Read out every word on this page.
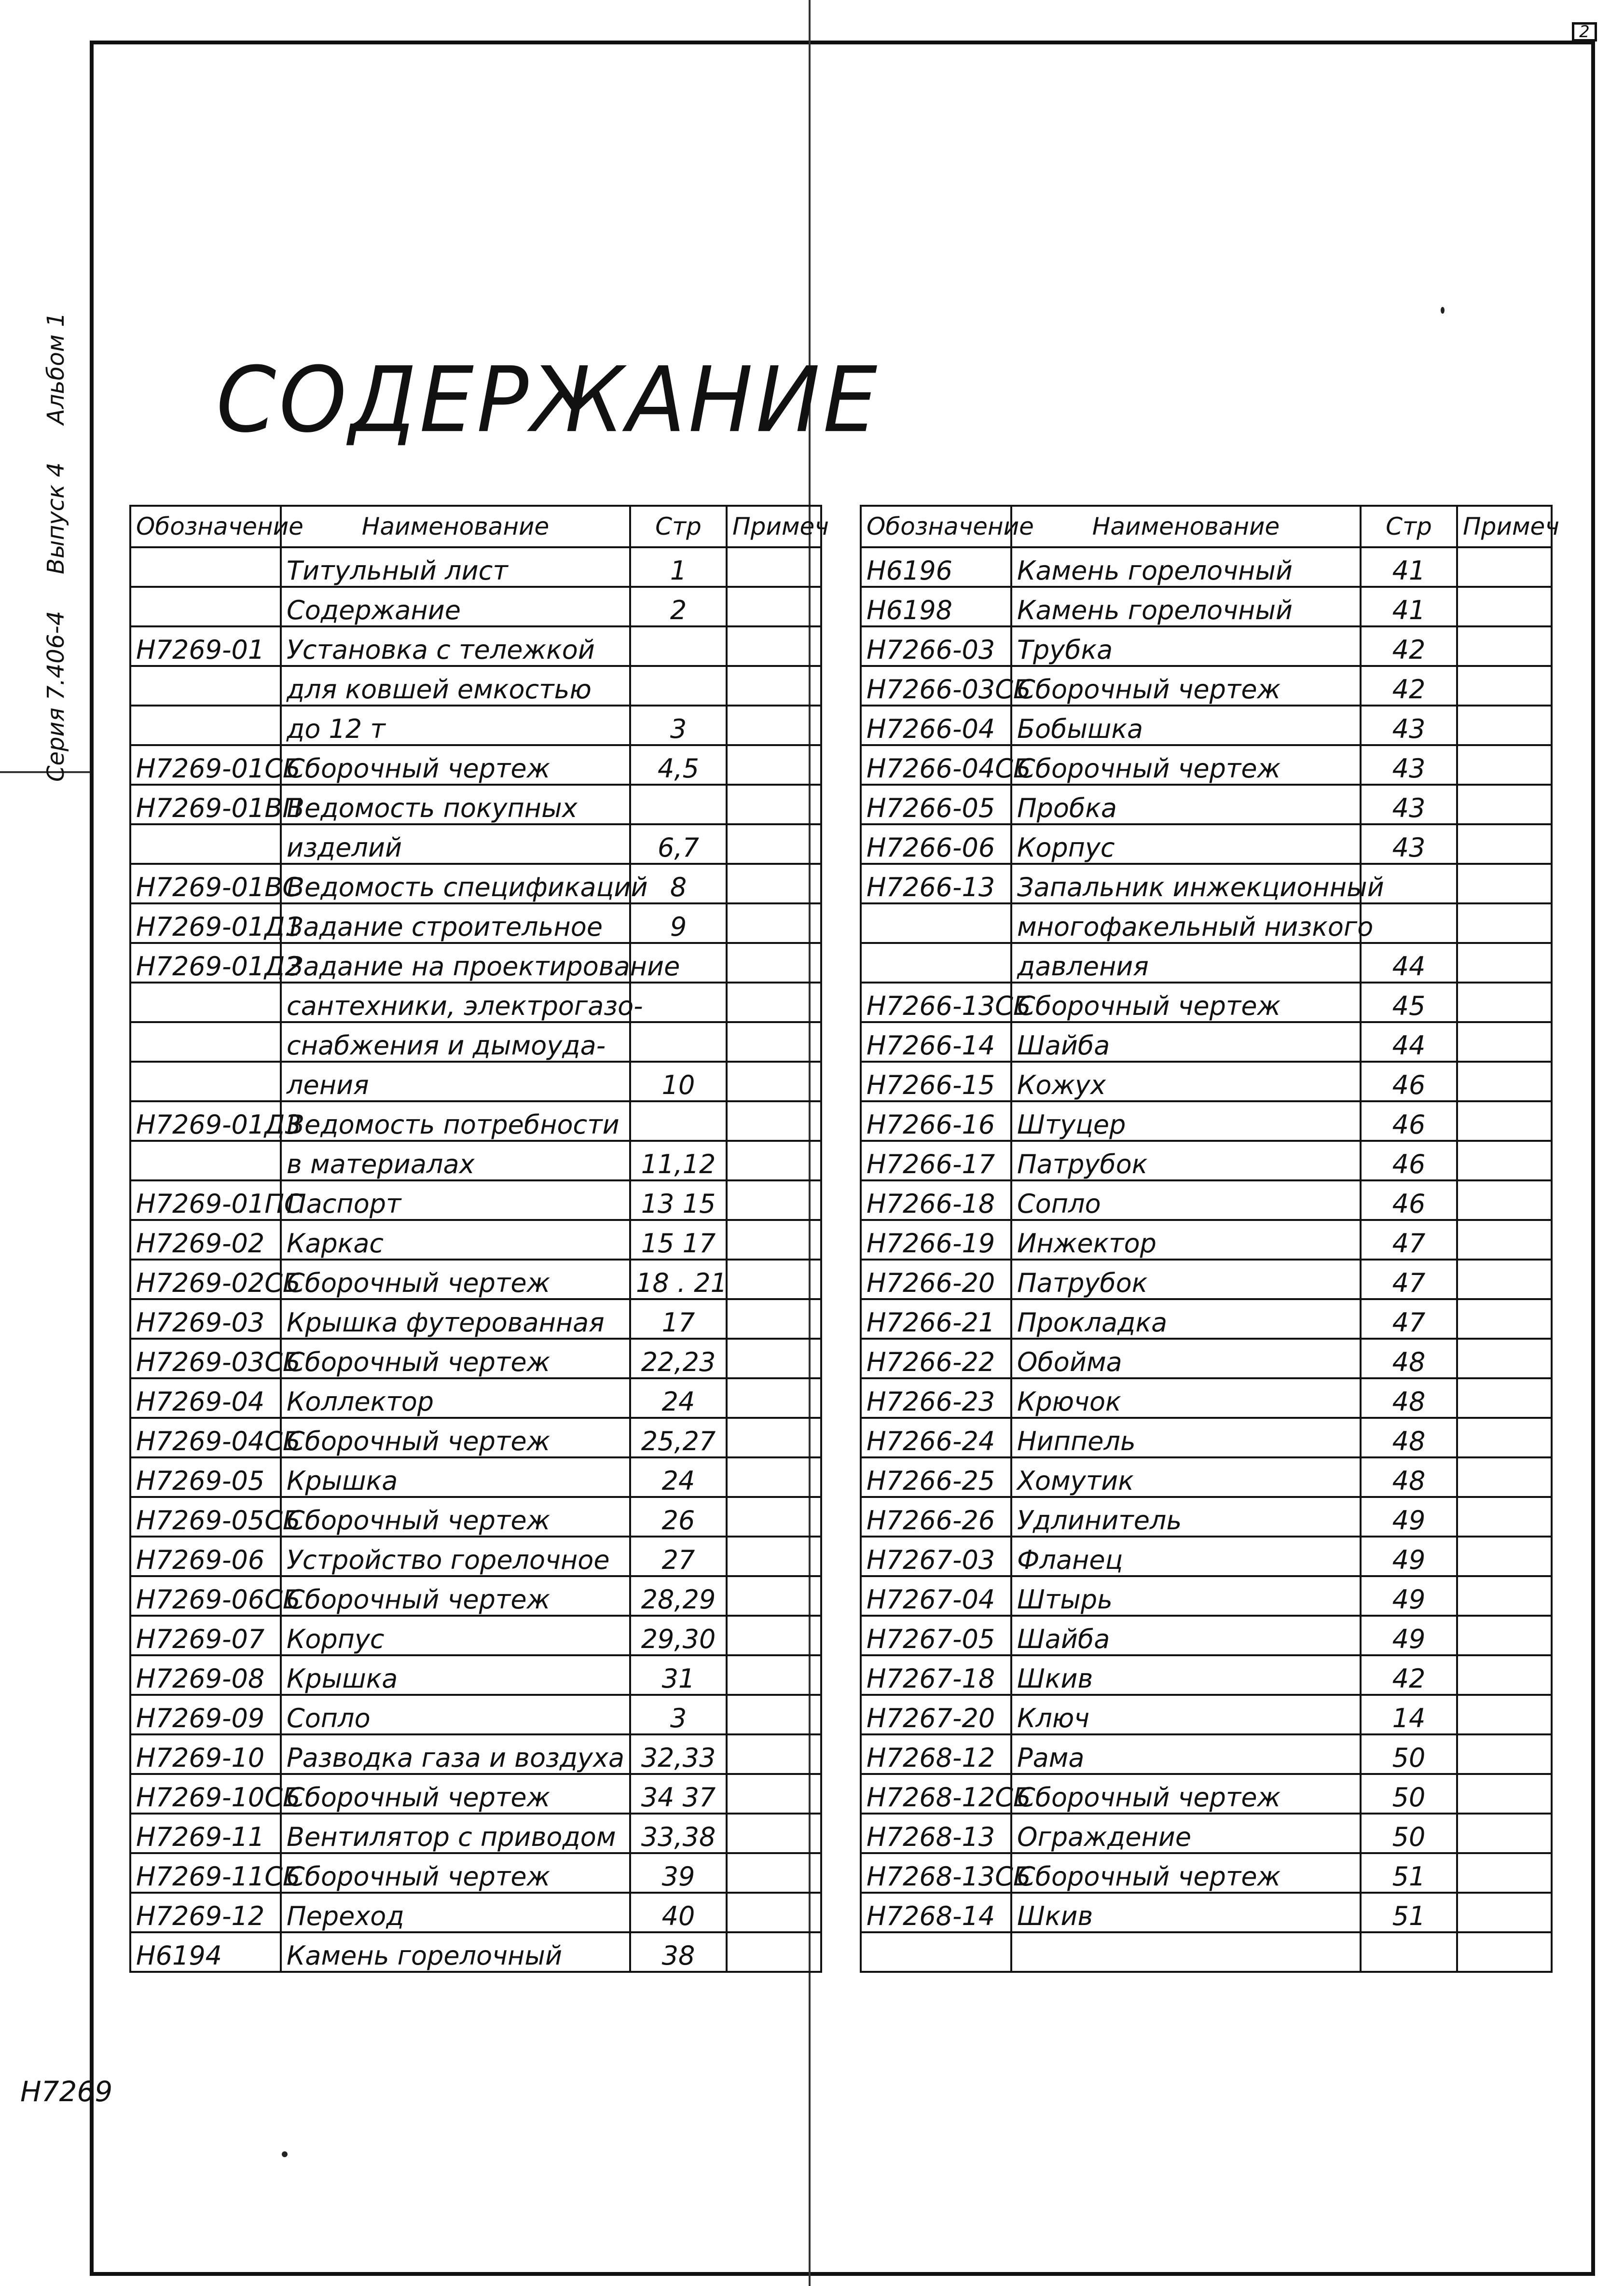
2
Серия 7.406-4
Выпуск 4
Альбом 1 СОДЕРЖАНИЕ
Обозначение	Наименование	Стр	Примеч
	Титульный лист	1	
	Содержание	2	
Н7269-01	Установка с тележкой		
	для ковшей емкостью		
	до 12 т	3	
Н7269-01СБ	Сборочный чертеж	4,5	
Н7269-01ВП	Ведомость покупных		
	изделий	6,7	
Н7269-01ВС	Ведомость спецификаций	8	
Н7269-01Д1	Задание строительное	9	
Н7269-01Д2	Задание на проектирование		
	сантехники, электрогазо-		
	снабжения и дымоуда-		
	ления	10	
Н7269-01Д3	Ведомость потребности		
	в материалах	11,12	
Н7269-01ПС	Паспорт	13 15	
Н7269-02	Каркас	15 17	
Н7269-02СБ	Сборочный чертеж	18 . 21	
Н7269-03	Крышка футерованная	17	
Н7269-03СБ	Сборочный чертеж	22,23	
Н7269-04	Коллектор	24	
Н7269-04СБ	Сборочный чертеж	25,27	
Н7269-05	Крышка	24	
Н7269-05СБ	Сборочный чертеж	26	
Н7269-06	Устройство горелочное	27	
Н7269-06СБ	Сборочный чертеж	28,29	
Н7269-07	Корпус	29,30	
Н7269-08	Крышка	31	
Н7269-09	Сопло	3	
Н7269-10	Разводка газа и воздуха	32,33	
Н7269-10СБ	Сборочный чертеж	34 37	
Н7269-11	Вентилятор с приводом	33,38	
Н7269-11СБ	Сборочный чертеж	39	
Н7269-12	Переход	40	
Н6194	Камень горелочный	38	
Обозначение	Наименование	Стр	Примеч
Н6196	Камень горелочный	41	
Н6198	Камень горелочный	41	
Н7266-03	Трубка	42	
Н7266-03СБ	Сборочный чертеж	42	
Н7266-04	Бобышка	43	
Н7266-04СБ	Сборочный чертеж	43	
Н7266-05	Пробка	43	
Н7266-06	Корпус	43	
Н7266-13	Запальник инжекционный		
	многофакельный низкого		
	давления	44	
Н7266-13СБ	Сборочный чертеж	45	
Н7266-14	Шайба	44	
Н7266-15	Кожух	46	
Н7266-16	Штуцер	46	
Н7266-17	Патрубок	46	
Н7266-18	Сопло	46	
Н7266-19	Инжектор	47	
Н7266-20	Патрубок	47	
Н7266-21	Прокладка	47	
Н7266-22	Обойма	48	
Н7266-23	Крючок	48	
Н7266-24	Ниппель	48	
Н7266-25	Хомутик	48	
Н7266-26	Удлинитель	49	
Н7267-03	Фланец	49	
Н7267-04	Штырь	49	
Н7267-05	Шайба	49	
Н7267-18	Шкив	42	
Н7267-20	Ключ	14	
Н7268-12	Рама	50	
Н7268-12СБ	Сборочный чертеж	50	
Н7268-13	Ограждение	50	
Н7268-13СБ	Сборочный чертеж	51	
Н7268-14	Шкив	51	

Н7269
